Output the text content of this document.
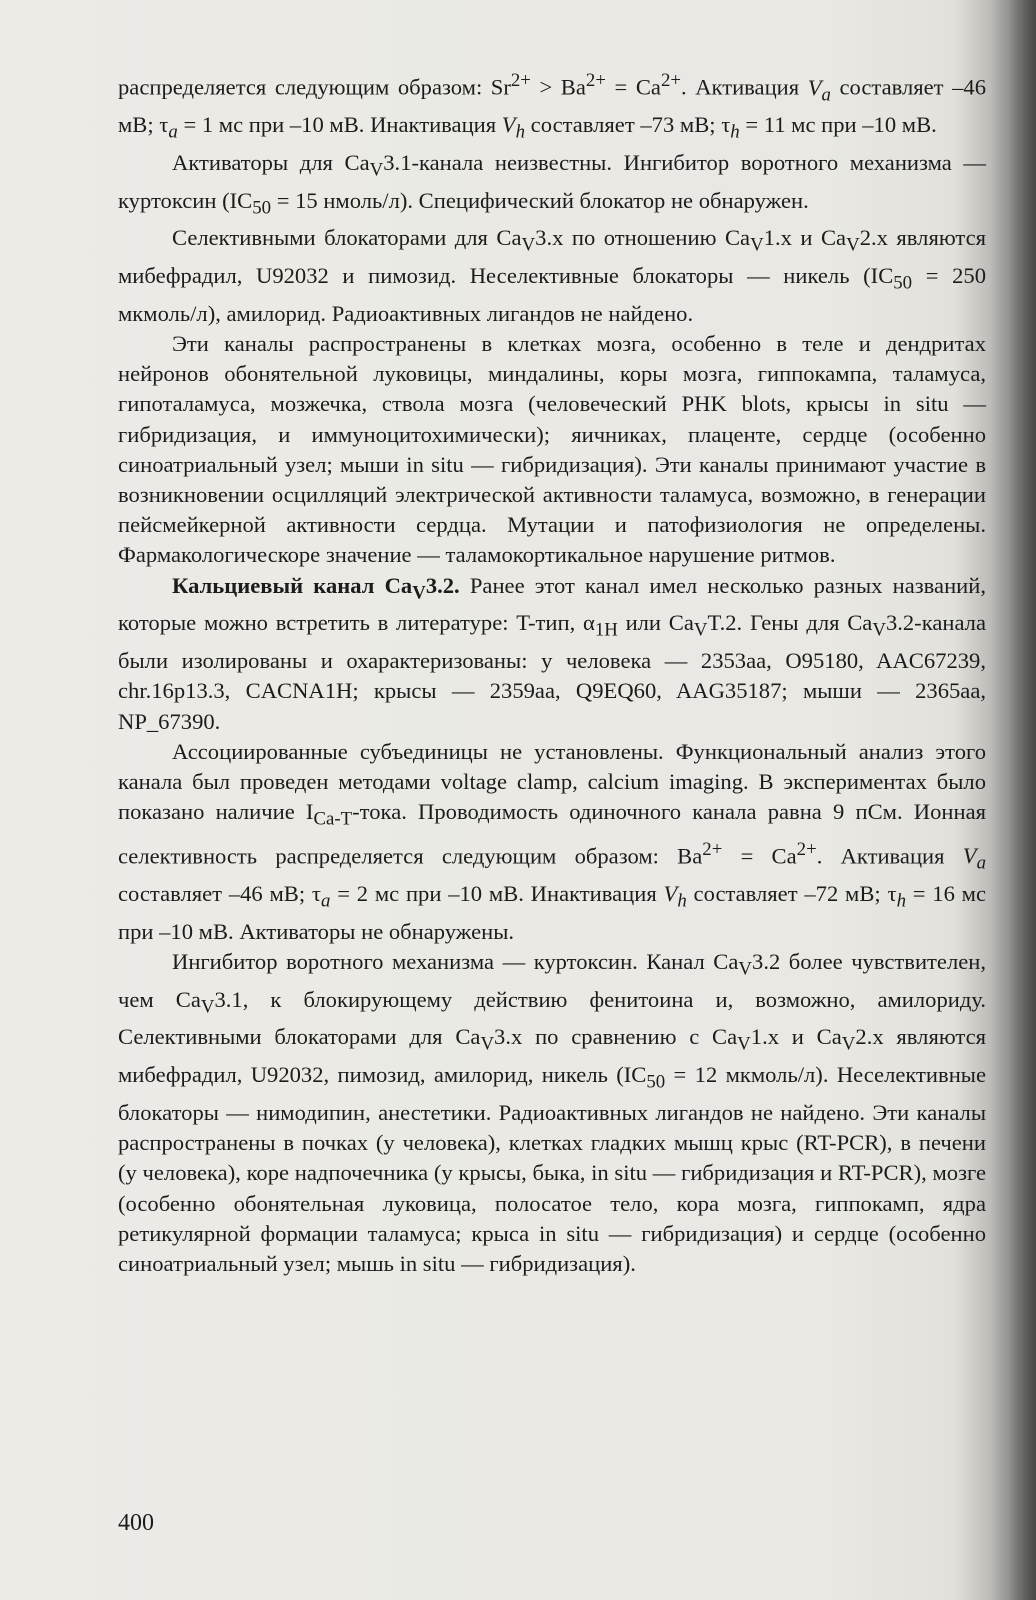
распределяется следующим образом: $Sr^{2+} > Ba^{2+} = Ca^{2+}$. Активация $V_a$ составляет –46 мВ; $\tau_a = 1$ мс при –10 мВ. Инактивация $V_h$ составляет –73 мВ; $\tau_h = 11$ мс при –10 мВ.

Активаторы для $Ca_V3.1$-канала неизвестны. Ингибитор воротного механизма — куртоксин ($IC_{50} = 15$ нмоль/л). Специфический блокатор не обнаружен.

Селективными блокаторами для $Ca_V3.x$ по отношению $Ca_V1.x$ и $Ca_V2.x$ являются мибефрадил, U92032 и пимозид. Неселективные блокаторы — никель ($IC_{50} = 250$ мкмоль/л), амилорид. Радиоактивных лигандов не найдено.

Эти каналы распространены в клетках мозга, особенно в теле и дендритах нейронов обонятельной луковицы, миндалины, коры мозга, гиппокампа, таламуса, гипоталамуса, мозжечка, ствола мозга (человеческий PHK blots, крысы in situ — гибридизация, и иммуноцитохимически); яичниках, плаценте, сердце (особенно синоатриальный узел; мыши in situ — гибридизация). Эти каналы принимают участие в возникновении осцилляций электрической активности таламуса, возможно, в генерации пейсмейкерной активности сердца. Мутации и патофизиология не определены. Фармакологическоре значение — таламокортикальное нарушение ритмов.

Кальциевый канал $Ca_V3.2$. Ранее этот канал имел несколько разных названий, которые можно встретить в литературе: T-тип, $\alpha_{1H}$ или $Ca_VT.2$. Гены для $Ca_V3.2$-канала были изолированы и охарактеризованы: у человека — 2353aa, O95180, AAC67239, chr.16p13.3, CACNA1H; крысы — 2359aa, Q9EQ60, AAG35187; мыши — 2365aa, NP_67390.

Ассоциированные субъединицы не установлены. Функциональный анализ этого канала был проведен методами voltage clamp, calcium imaging. В экспериментах было показано наличие $I_{Ca-T}$-тока. Проводимость одиночного канала равна 9 пСм. Ионная селективность распределяется следующим образом: $Ba^{2+} = Ca^{2+}$. Активация $V_a$ составляет –46 мВ; $\tau_a = 2$ мс при –10 мВ. Инактивация $V_h$ составляет –72 мВ; $\tau_h = 16$ мс при –10 мВ. Активаторы не обнаружены.

Ингибитор воротного механизма — куртоксин. Канал $Ca_V3.2$ более чувствителен, чем $Ca_V3.1$, к блокирующему действию фенитоина и, возможно, амилориду. Селективными блокаторами для $Ca_V3.x$ по сравнению с $Ca_V1.x$ и $Ca_V2.x$ являются мибефрадил, U92032, пимозид, амилорид, никель ($IC_{50} = 12$ мкмоль/л). Неселективные блокаторы — нимодипин, анестетики. Радиоактивных лигандов не найдено. Эти каналы распространены в почках (у человека), клетках гладких мышц крыс (RT-PCR), в печени (у человека), коре надпочечника (у крысы, быка, in situ — гибридизация и RT-PCR), мозге (особенно обонятельная луковица, полосатое тело, кора мозга, гиппокамп, ядра ретикулярной формации таламуса; крыса in situ — гибридизация) и сердце (особенно синоатриальный узел; мышь in situ — гибридизация).

400
